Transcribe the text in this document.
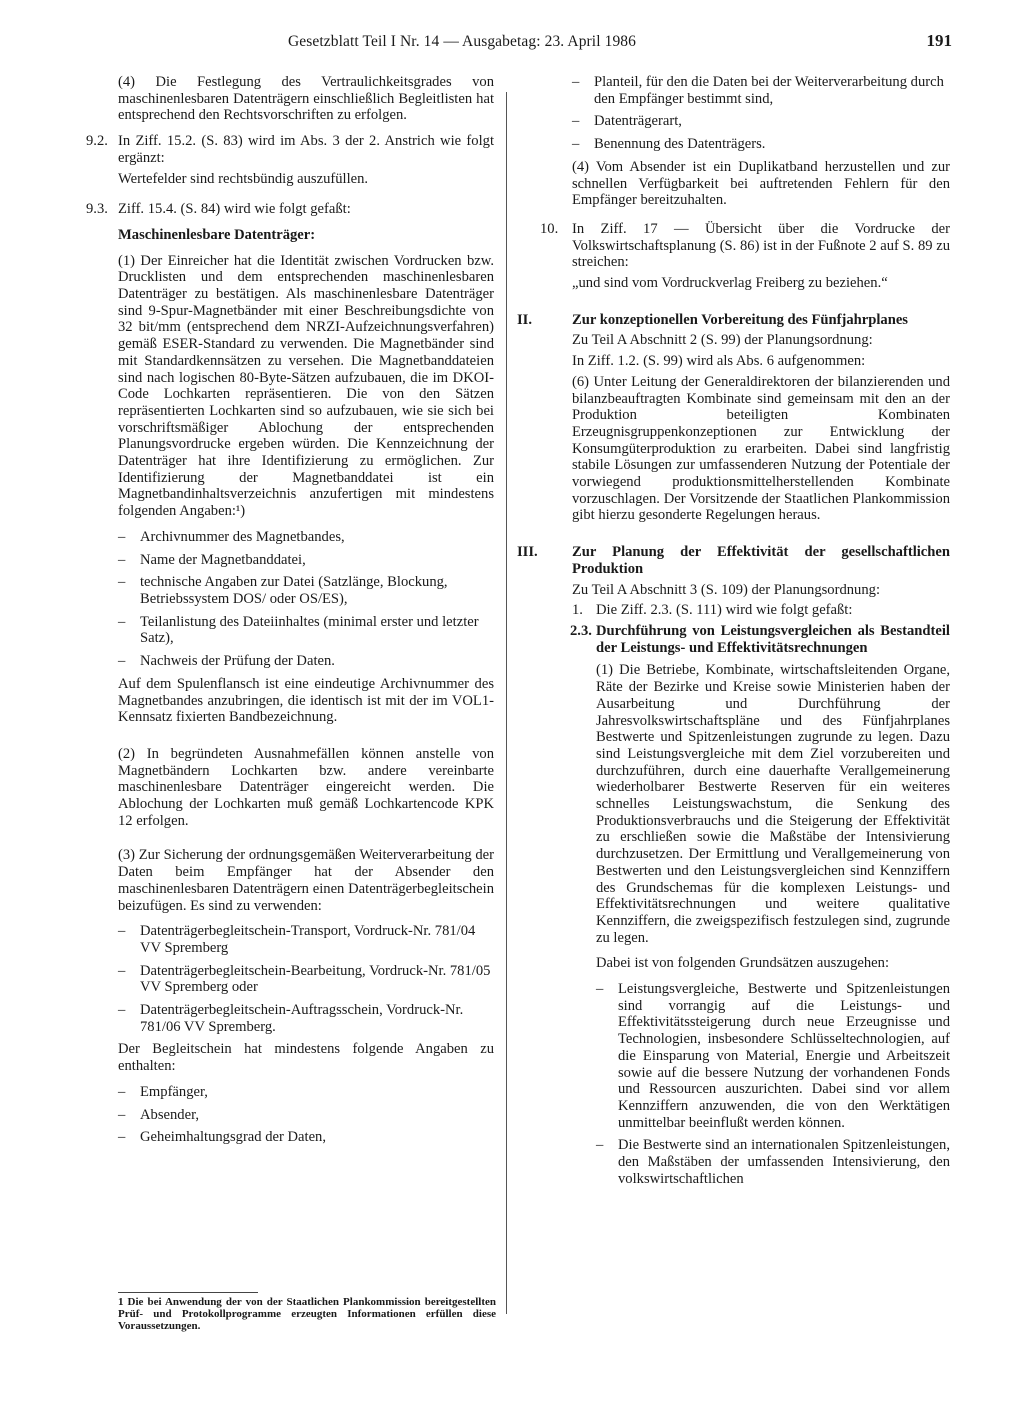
Gesetzblatt Teil I Nr. 14 — Ausgabetag: 23. April 1986	191

(4) Die Festlegung des Vertraulichkeitsgrades von maschinenlesbaren Datenträgern einschließlich Begleitlisten hat entsprechend den Rechtsvorschriften zu erfolgen.

9.2. In Ziff. 15.2. (S. 83) wird im Abs. 3 der 2. Anstrich wie folgt ergänzt:

Wertefelder sind rechtsbündig auszufüllen.

9.3. Ziff. 15.4. (S. 84) wird wie folgt gefaßt:

Maschinenlesbare Datenträger:

(1) Der Einreicher hat die Identität zwischen Vordrucken bzw. Drucklisten und dem entsprechenden maschinenlesbaren Datenträger zu bestätigen. Als maschinenlesbare Datenträger sind 9-Spur-Magnetbänder mit einer Beschreibungsdichte von 32 bit/mm (entsprechend dem NRZI-Aufzeichnungsverfahren) gemäß ESER-Standard zu verwenden. Die Magnetbänder sind mit Standardkennsätzen zu versehen. Die Magnetbanddateien sind nach logischen 80-Byte-Sätzen aufzubauen, die im DKOI-Code Lochkarten repräsentieren. Die von den Sätzen repräsentierten Lochkarten sind so aufzubauen, wie sie sich bei vorschriftsmäßiger Ablochung der entsprechenden Planungsvordrucke ergeben würden. Die Kennzeichnung der Datenträger hat ihre Identifizierung zu ermöglichen. Zur Identifizierung der Magnetbanddatei ist ein Magnetbandinhaltsverzeichnis anzufertigen mit mindestens folgenden Angaben:¹)

– Archivnummer des Magnetbandes,

– Name der Magnetbanddatei,

– technische Angaben zur Datei (Satzlänge, Blockung, Betriebssystem DOS/ oder OS/ES),

– Teilanlistung des Dateiinhaltes (minimal erster und letzter Satz),

– Nachweis der Prüfung der Daten.

Auf dem Spulenflansch ist eine eindeutige Archivnummer des Magnetbandes anzubringen, die identisch ist mit der im VOL1-Kennsatz fixierten Bandbezeichnung.

(2) In begründeten Ausnahmefällen können anstelle von Magnetbändern Lochkarten bzw. andere vereinbarte maschinenlesbare Datenträger eingereicht werden. Die Ablochung der Lochkarten muß gemäß Lochkartencode KPK 12 erfolgen.

(3) Zur Sicherung der ordnungsgemäßen Weiterverarbeitung der Daten beim Empfänger hat der Absender den maschinenlesbaren Datenträgern einen Datenträgerbegleitschein beizufügen. Es sind zu verwenden:

– Datenträgerbegleitschein-Transport, Vordruck-Nr. 781/04 VV Spremberg

– Datenträgerbegleitschein-Bearbeitung, Vordruck-Nr. 781/05 VV Spremberg oder

– Datenträgerbegleitschein-Auftragsschein, Vordruck-Nr. 781/06 VV Spremberg.

Der Begleitschein hat mindestens folgende Angaben zu enthalten:

– Empfänger,

– Absender,

– Geheimhaltungsgrad der Daten,

1 Die bei Anwendung der von der Staatlichen Plankommission bereitgestellten Prüf- und Protokollprogramme erzeugten Informationen erfüllen diese Voraussetzungen.

– Planteil, für den die Daten bei der Weiterverarbeitung durch den Empfänger bestimmt sind,

– Datenträgerart,

– Benennung des Datenträgers.

(4) Vom Absender ist ein Duplikatband herzustellen und zur schnellen Verfügbarkeit bei auftretenden Fehlern für den Empfänger bereitzuhalten.

10. In Ziff. 17 — Übersicht über die Vordrucke der Volkswirtschaftsplanung (S. 86) ist in der Fußnote 2 auf S. 89 zu streichen:

„und sind vom Vordruckverlag Freiberg zu beziehen.“

II.	Zur konzeptionellen Vorbereitung des Fünfjahrplanes

Zu Teil A Abschnitt 2 (S. 99) der Planungsordnung:

In Ziff. 1.2. (S. 99) wird als Abs. 6 aufgenommen:

(6) Unter Leitung der Generaldirektoren der bilanzierenden und bilanzbeauftragten Kombinate sind gemeinsam mit den an der Produktion beteiligten Kombinaten Erzeugnisgruppenkonzeptionen zur Entwicklung der Konsumgüterproduktion zu erarbeiten. Dabei sind langfristig stabile Lösungen zur umfassenderen Nutzung der Potentiale der vorwiegend produktionsmittelherstellenden Kombinate vorzuschlagen. Der Vorsitzende der Staatlichen Plankommission gibt hierzu gesonderte Regelungen heraus.

III. Zur Planung der Effektivität der gesellschaftlichen Produktion

Zu Teil A Abschnitt 3 (S. 109) der Planungsordnung:

1. Die Ziff. 2.3. (S. 111) wird wie folgt gefaßt:

2.3. Durchführung von Leistungsvergleichen als Bestandteil der Leistungs- und Effektivitätsrechnungen

(1) Die Betriebe, Kombinate, wirtschaftsleitenden Organe, Räte der Bezirke und Kreise sowie Ministerien haben der Ausarbeitung und Durchführung der Jahresvolkswirtschaftspläne und des Fünfjahrplanes Bestwerte und Spitzenleistungen zugrunde zu legen. Dazu sind Leistungsvergleiche mit dem Ziel vorzubereiten und durchzuführen, durch eine dauerhafte Verallgemeinerung wiederholbarer Bestwerte Reserven für ein weiteres schnelles Leistungswachstum, die Senkung des Produktionsverbrauchs und die Steigerung der Effektivität zu erschließen sowie die Maßstäbe der Intensivierung durchzusetzen. Der Ermittlung und Verallgemeinerung von Bestwerten und den Leistungsvergleichen sind Kennziffern des Grundschemas für die komplexen Leistungs- und Effektivitätsrechnungen und weitere qualitative Kennziffern, die zweigspezifisch festzulegen sind, zugrunde zu legen.

Dabei ist von folgenden Grundsätzen auszugehen:

– Leistungsvergleiche, Bestwerte und Spitzenleistungen sind vorrangig auf die Leistungs- und Effektivitätssteigerung durch neue Erzeugnisse und Technologien, insbesondere Schlüsseltechnologien, auf die Einsparung von Material, Energie und Arbeitszeit sowie auf die bessere Nutzung der vorhandenen Fonds und Ressourcen auszurichten. Dabei sind vor allem Kennziffern anzuwenden, die von den Werktätigen unmittelbar beeinflußt werden können.

– Die Bestwerte sind an internationalen Spitzenleistungen, den Maßstäben der umfassenden Intensivierung, den volkswirtschaftlichen
